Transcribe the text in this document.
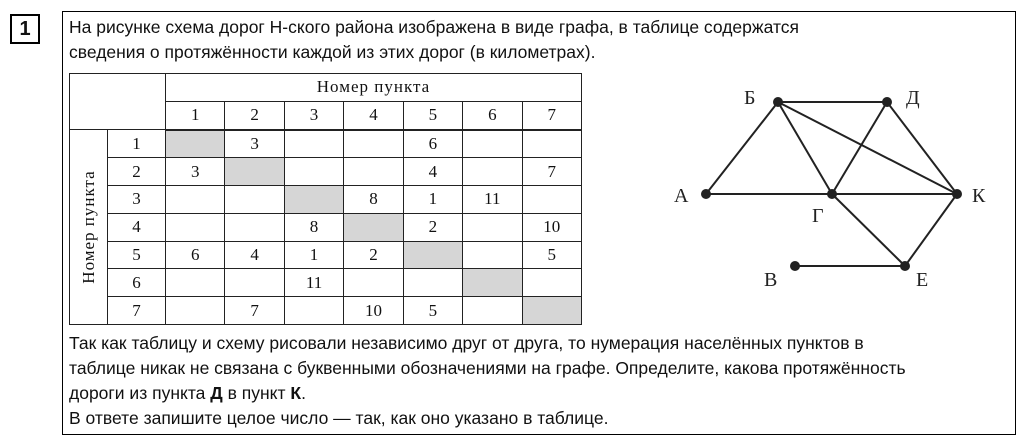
1	На рисунке схема дорог Н-ского района изображена в виде графа, в таблице содержатся
сведения о протяжённости каждой из этих дорог (в километрах).
		Номер пункта						
		1	2	3	4	5	6	7

Номер пункта	1		3			6		
	2	3				4		7
	3				8	1	11	
	4			8		2		10
	5	6	4	1	2			5
	6			11				
	7		7		10	5		
А
Б	Д
Г
К
В	Е
Так как таблицу и схему рисовали независимо друг от друга, то нумерация населённых пунктов в
таблице никак не связана с буквенными обозначениями на графе. Определите, какова протяжённость
дороги из пункта Д в пункт К.
В ответе запишите целое число — так, как оно указано в таблице.
